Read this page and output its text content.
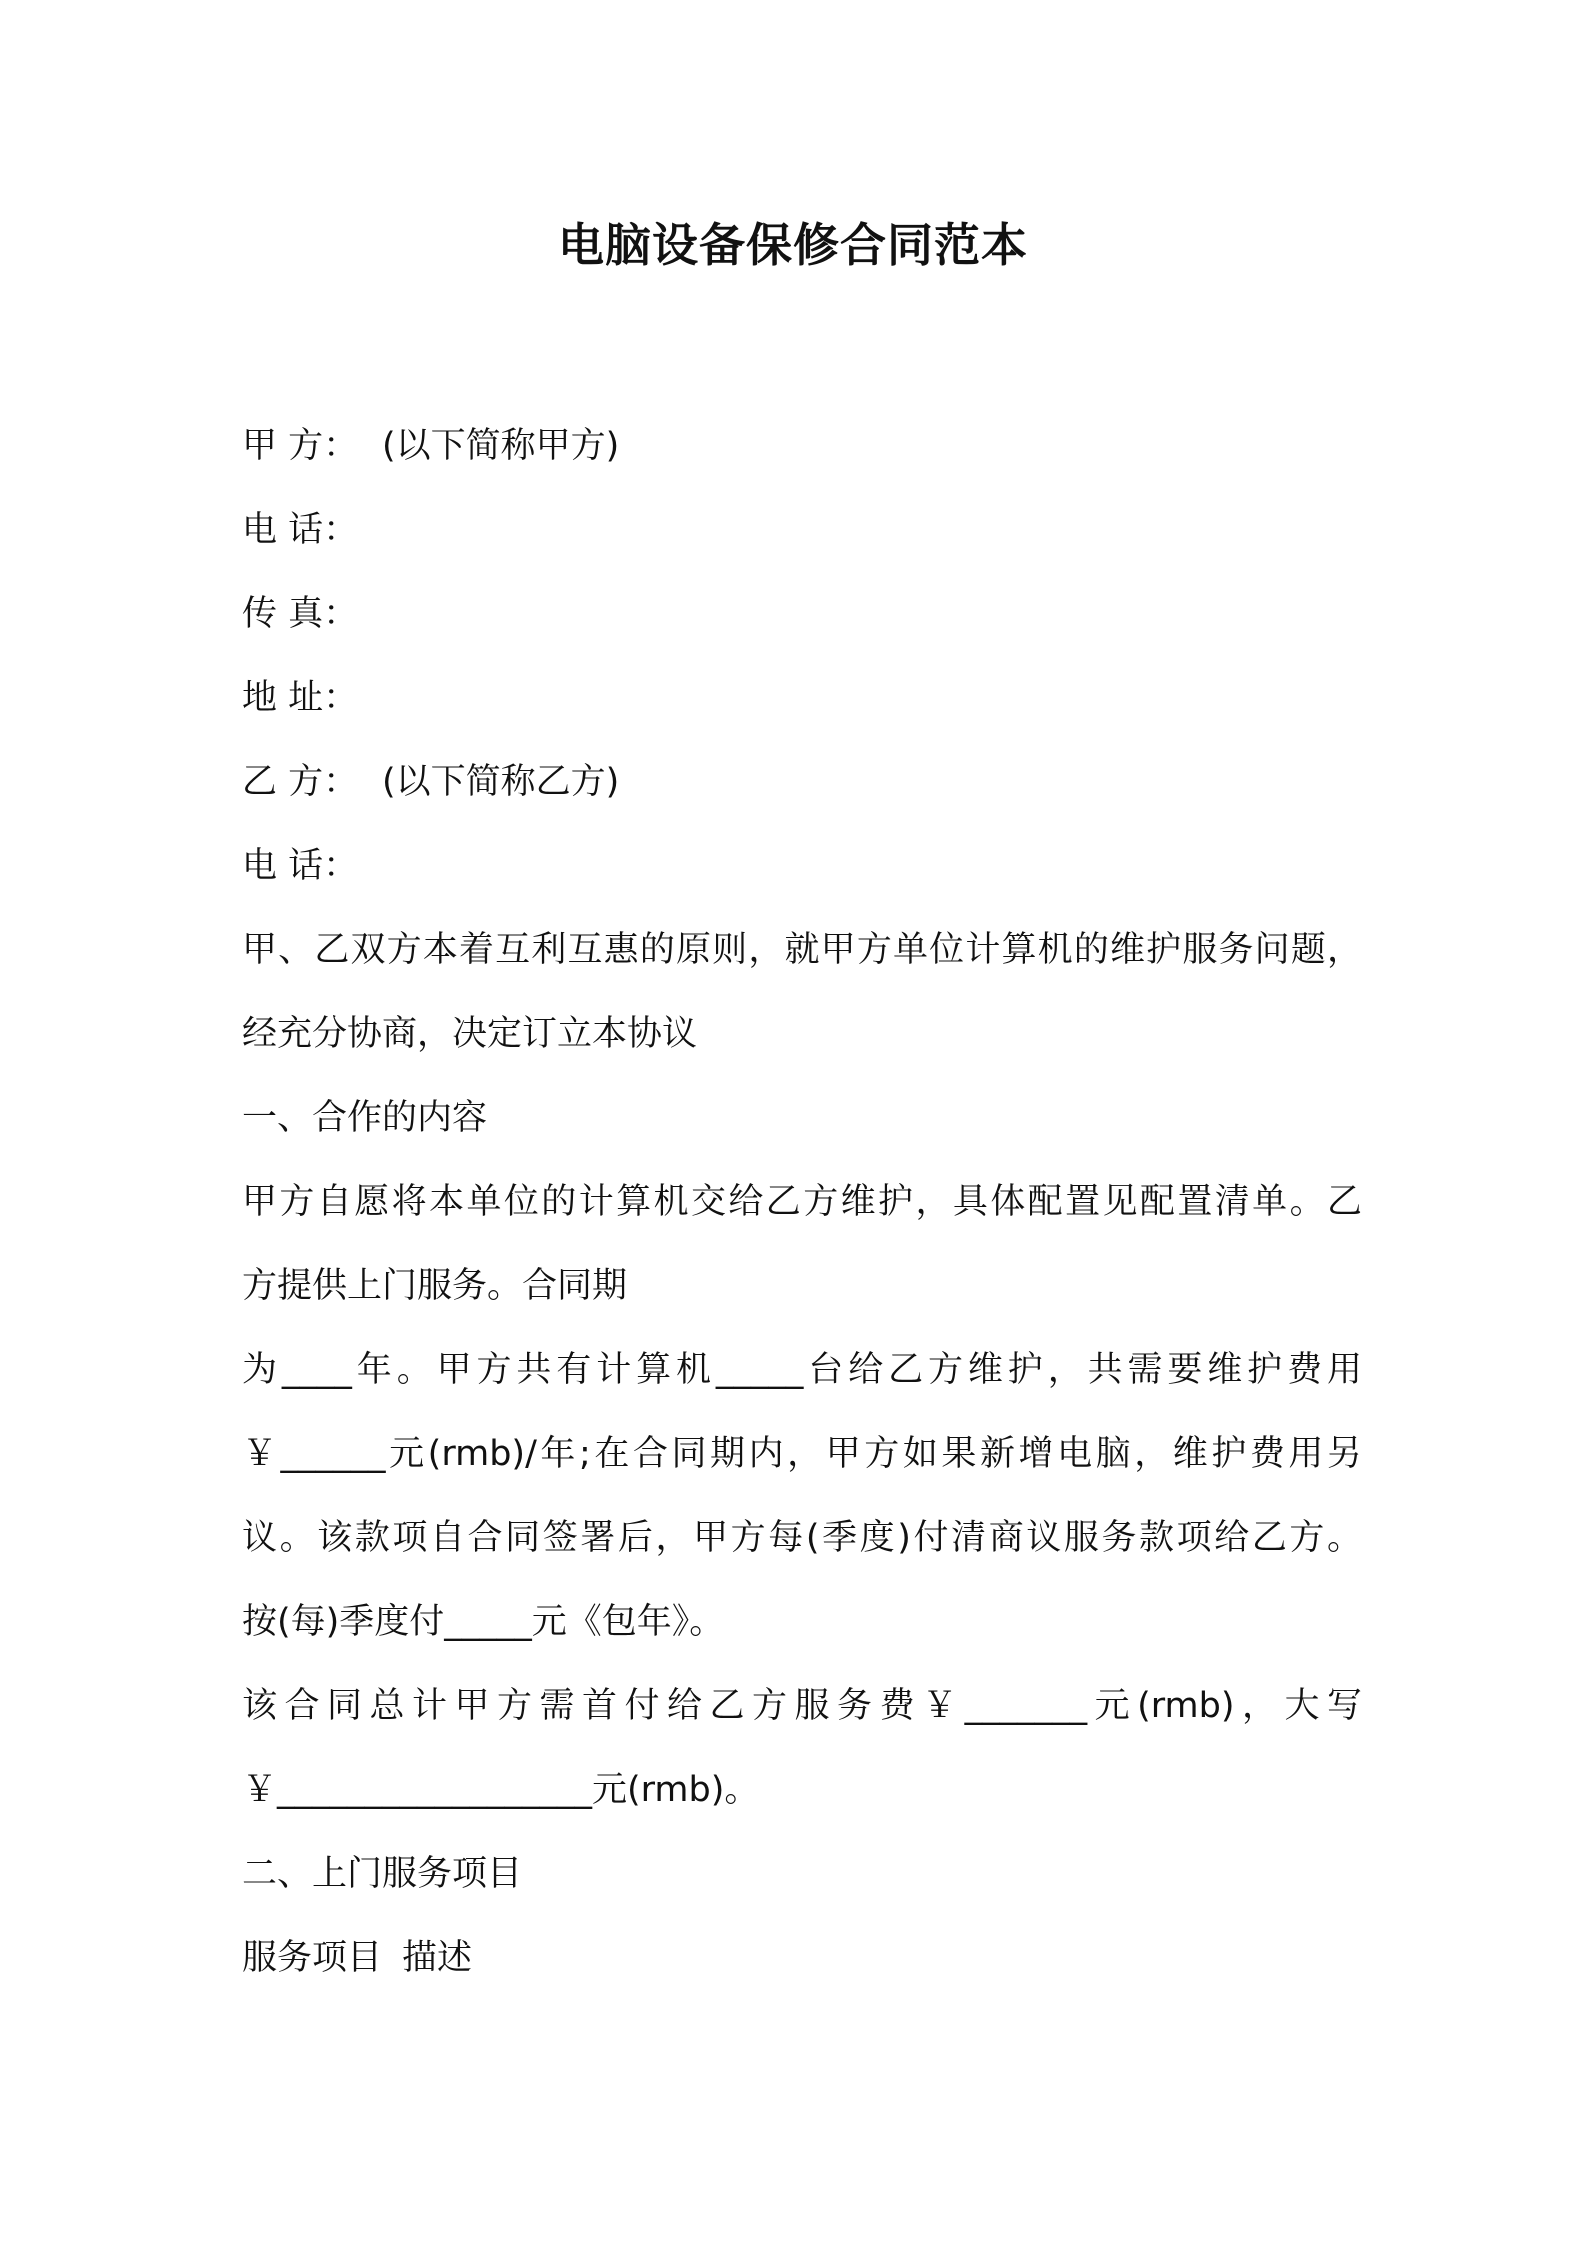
电脑设备保修合同范本
甲 方： (以下简称甲方)
电 话：
传 真：
地 址：
乙 方： (以下简称乙方)
电 话：
甲、乙双方本着互利互惠的原则，就甲方单位计算机的维护服务问题，
经充分协商，决定订立本协议
一、合作的内容
甲方自愿将本单位的计算机交给乙方维护，具体配置见配置清单。乙
方提供上门服务。合同期
为____年。甲方共有计算机_____台给乙方维护，共需要维护费用
￥______元(rmb)/年;在合同期内，甲方如果新增电脑，维护费用另
议。该款项自合同签署后，甲方每(季度)付清商议服务款项给乙方。
按(每)季度付_____元《包年》。
该合同总计甲方需首付给乙方服务费￥_______元(rmb)，大写
￥__________________元(rmb)。
二、上门服务项目
服务项目 描述
